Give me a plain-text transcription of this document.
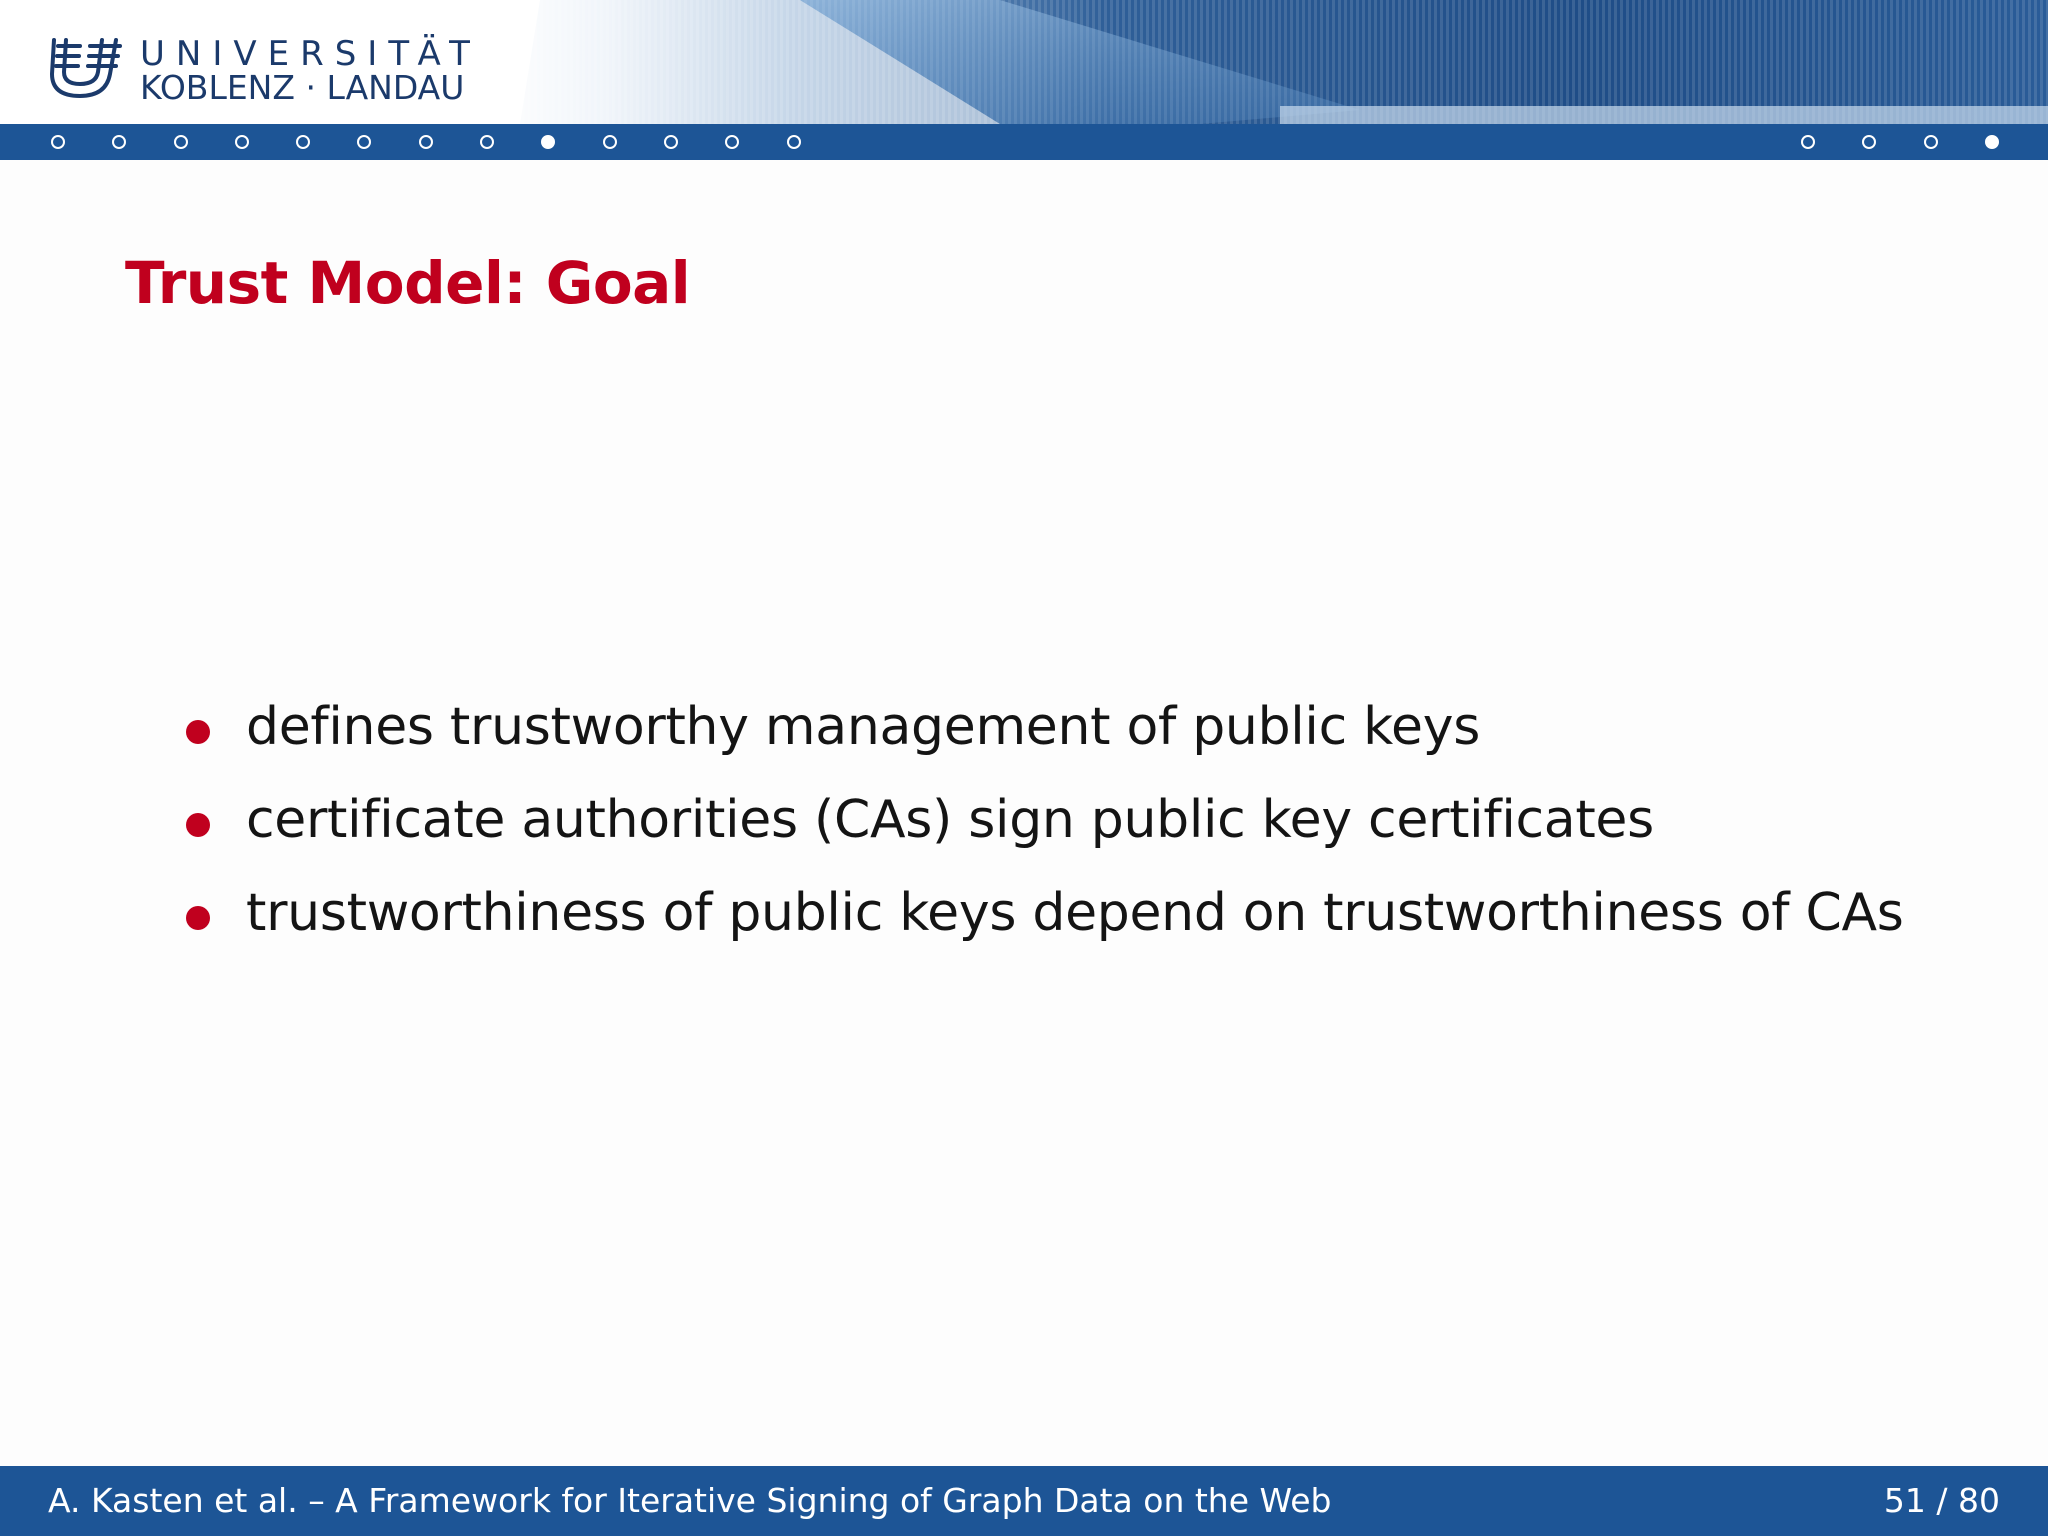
UNIVERSITÄT
KOBLENZ · LANDAU
Trust Model: Goal
defines trustworthy management of public keys
certificate authorities (CAs) sign public key certificates
trustworthiness of public keys depend on trustworthiness of CAs
A. Kasten et al. – A Framework for Iterative Signing of Graph Data on the Web	51 / 80
